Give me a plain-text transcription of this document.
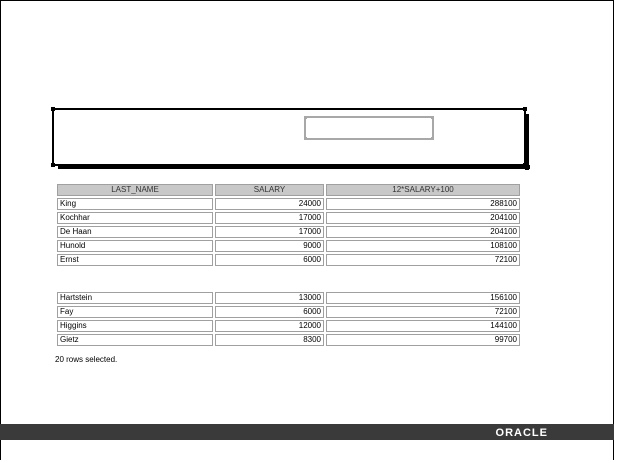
LAST_NAME	SALARY	12*SALARY+100
King	24000	288100
Kochhar	17000	204100
De Haan	17000	204100
Hunold	9000	108100
Ernst	6000	72100
Hartstein	13000	156100
Fay	6000	72100
Higgins	12000	144100
Gietz	8300	99700
20 rows selected.
ORACLE
